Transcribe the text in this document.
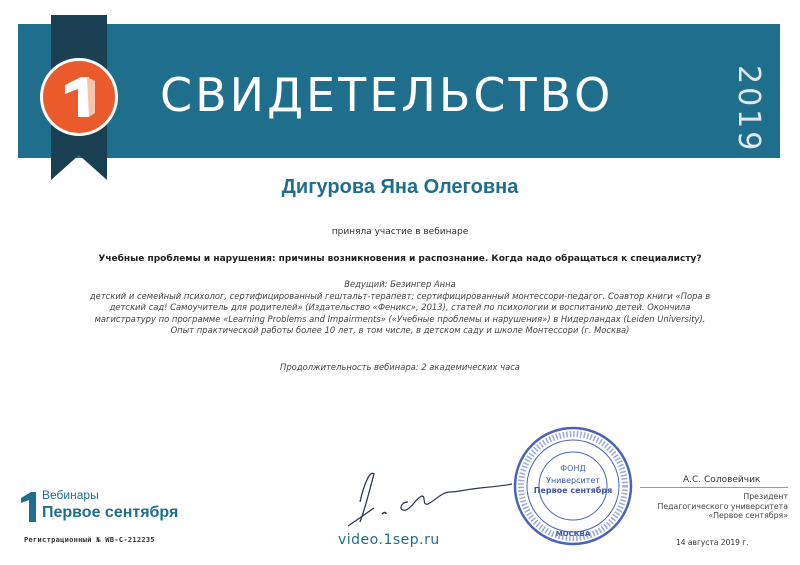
СВИДЕТЕЛЬСТВО	2019
Дигурова Яна Олеговна
приняла участие в вебинаре
Учебные проблемы и нарушения: причины возникновения и распознание. Когда надо обращаться к специалисту?
Ведущий: Безингер Анна
детский и семейный психолог, сертифицированный гештальт-терапевт; сертифицированный монтессори-педагог. Соавтор книги «Пора в детский сад! Самоучитель для родителей» (Издательство «Феникс», 2013), статей по психологии и воспитанию детей. Окончила магистратуру по программе «Learning Problems and Impairments» («Учебные проблемы и нарушения») в Нидерландах (Leiden University). Опыт практической работы более 10 лет, в том числе, в детском саду и школе Монтессори (г. Москва)
Продолжительность вебинара: 2 академических часа
Вебинары
Первое сентября
Регистрационный № WB-С-212235	video.1sep.ru
ФОНД
Университет
Первое сентября
МОСКВА
А.С. Соловейчик
Президент
Педагогического университета
«Первое сентября»
14 августа 2019 г.
